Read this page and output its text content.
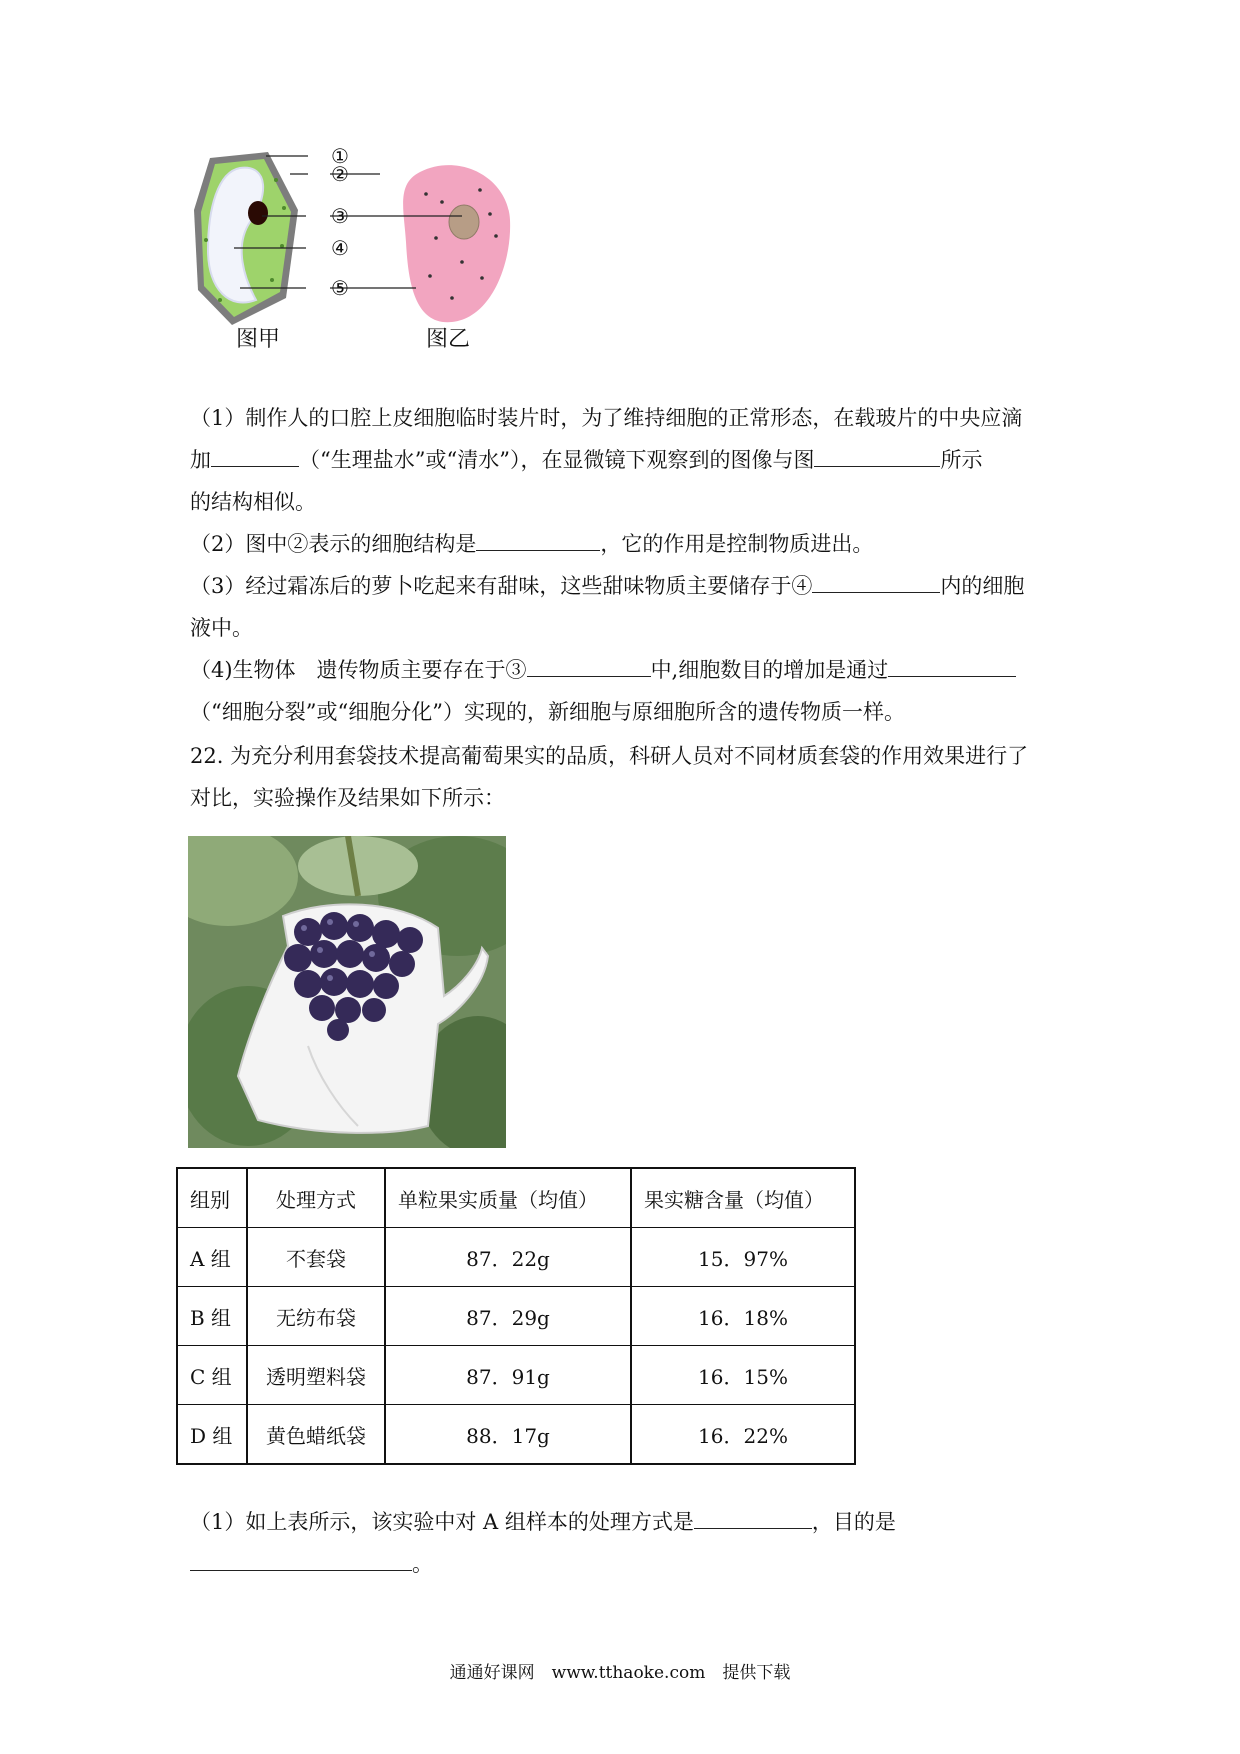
①
②
③
④
⑤
图甲	图乙
（1）制作人的口腔上皮细胞临时装片时，为了维持细胞的正常形态，在载玻片的中央应滴
加	（“生理盐水”或“清水”），在显微镜下观察到的图像与图	所示
的结构相似。
（2）图中②表示的细胞结构是	，它的作用是控制物质进出。
（3）经过霜冻后的萝卜吃起来有甜味，这些甜味物质主要储存于④	内的细胞
液中。
（4)生物体　遗传物质主要存在于③	中,细胞数目的增加是通过
（“细胞分裂”或“细胞分化”）实现的，新细胞与原细胞所含的遗传物质一样。
22. 为充分利用套袋技术提高葡萄果实的品质，科研人员对不同材质套袋的作用效果进行了
对比，实验操作及结果如下所示：
组别	处理方式	单粒果实质量（均值）	果实糖含量（均值）
A 组	不套袋	87．22g	15．97%
B 组	无纺布袋	87．29g	16．18%
C 组	透明塑料袋	87．91g	16．15%
D 组	黄色蜡纸袋	88．17g	16．22%
（1）如上表所示，该实验中对 A 组样本的处理方式是	，目的是
。
通通好课网　www.tthaoke.com　提供下载
